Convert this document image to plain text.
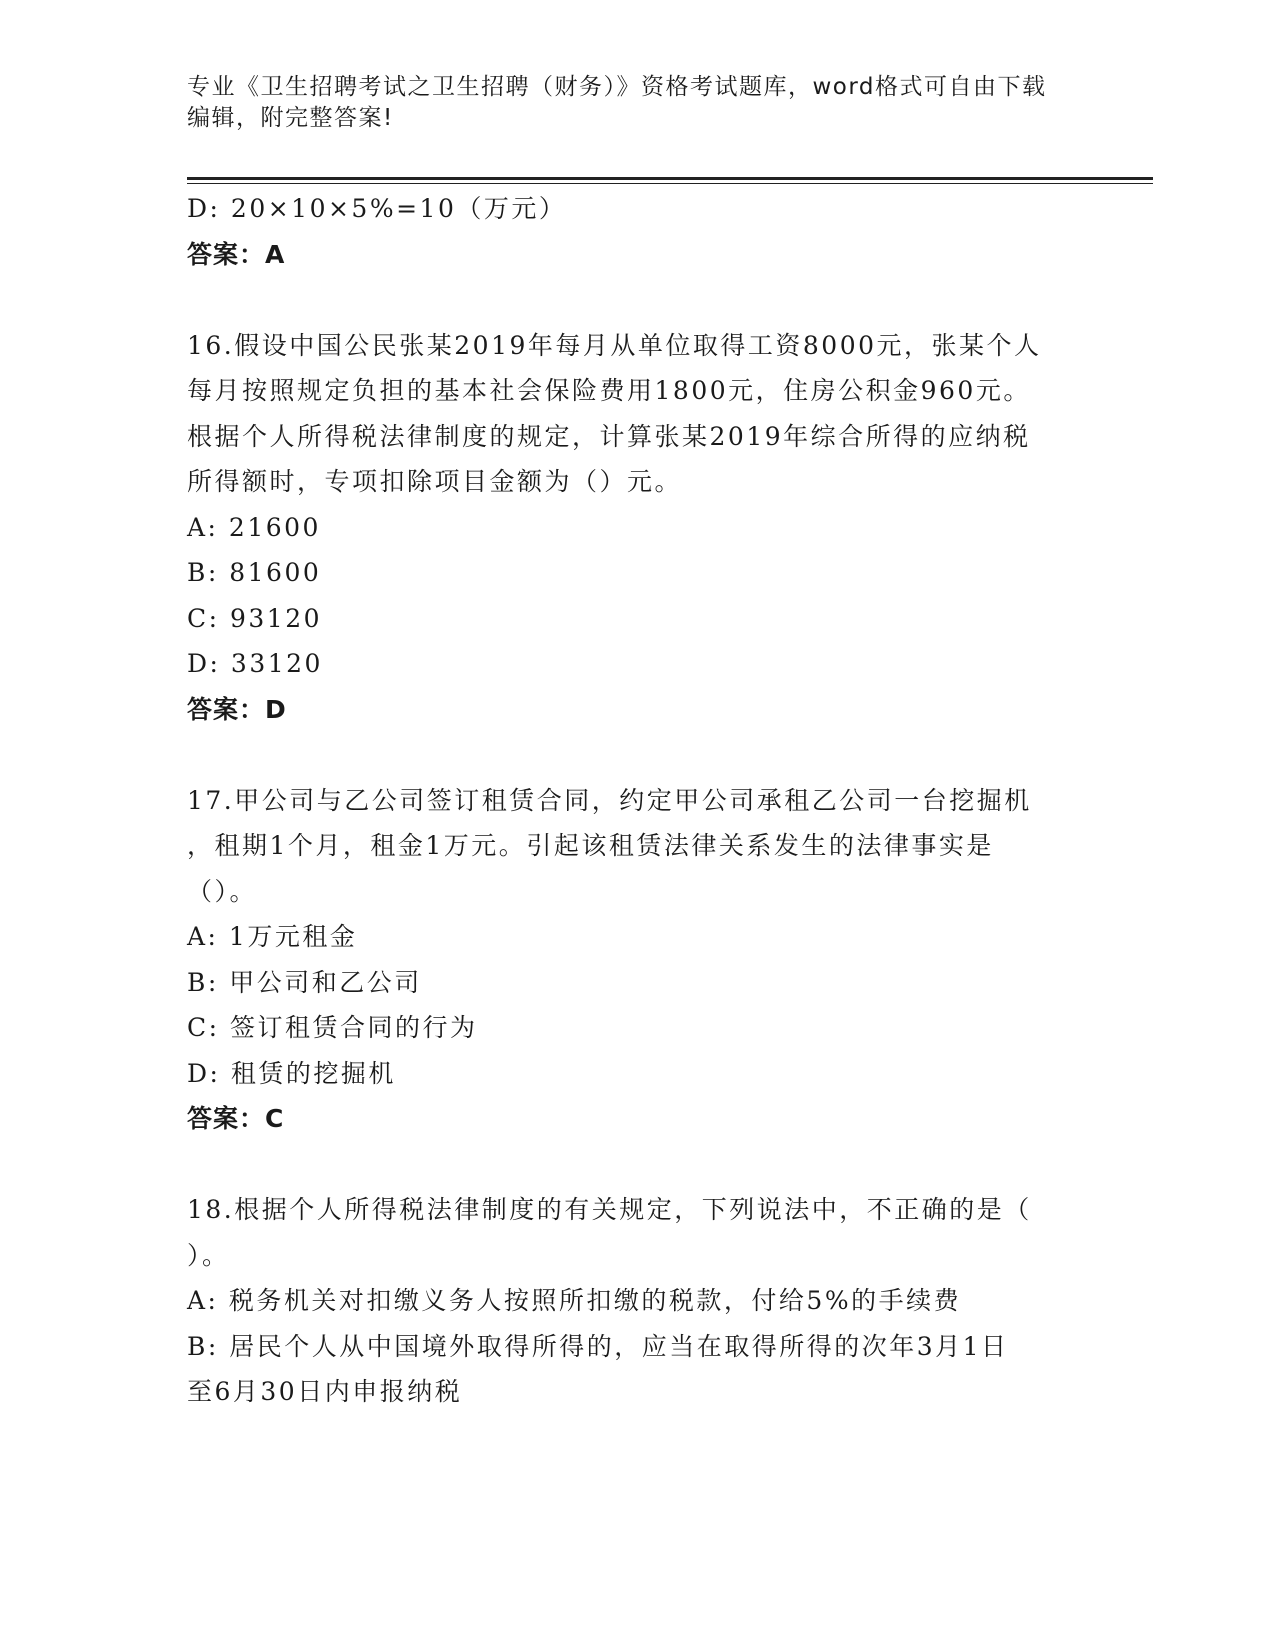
专业《卫生招聘考试之卫生招聘（财务）》资格考试题库，word格式可自由下载
编辑，附完整答案!
D: 20×10×5%=10（万元）
答案：A
16.假设中国公民张某2019年每月从单位取得工资8000元，张某个人
每月按照规定负担的基本社会保险费用1800元，住房公积金960元。
根据个人所得税法律制度的规定，计算张某2019年综合所得的应纳税
所得额时，专项扣除项目金额为（）元。
A: 21600
B: 81600
C: 93120
D: 33120
答案：D
17.甲公司与乙公司签订租赁合同，约定甲公司承租乙公司一台挖掘机
，租期1个月，租金1万元。引起该租赁法律关系发生的法律事实是
（）。
A: 1万元租金
B: 甲公司和乙公司
C: 签订租赁合同的行为
D: 租赁的挖掘机
答案：C
18.根据个人所得税法律制度的有关规定，下列说法中，不正确的是（
）。
A: 税务机关对扣缴义务人按照所扣缴的税款，付给5%的手续费
B: 居民个人从中国境外取得所得的，应当在取得所得的次年3月1日
至6月30日内申报纳税
